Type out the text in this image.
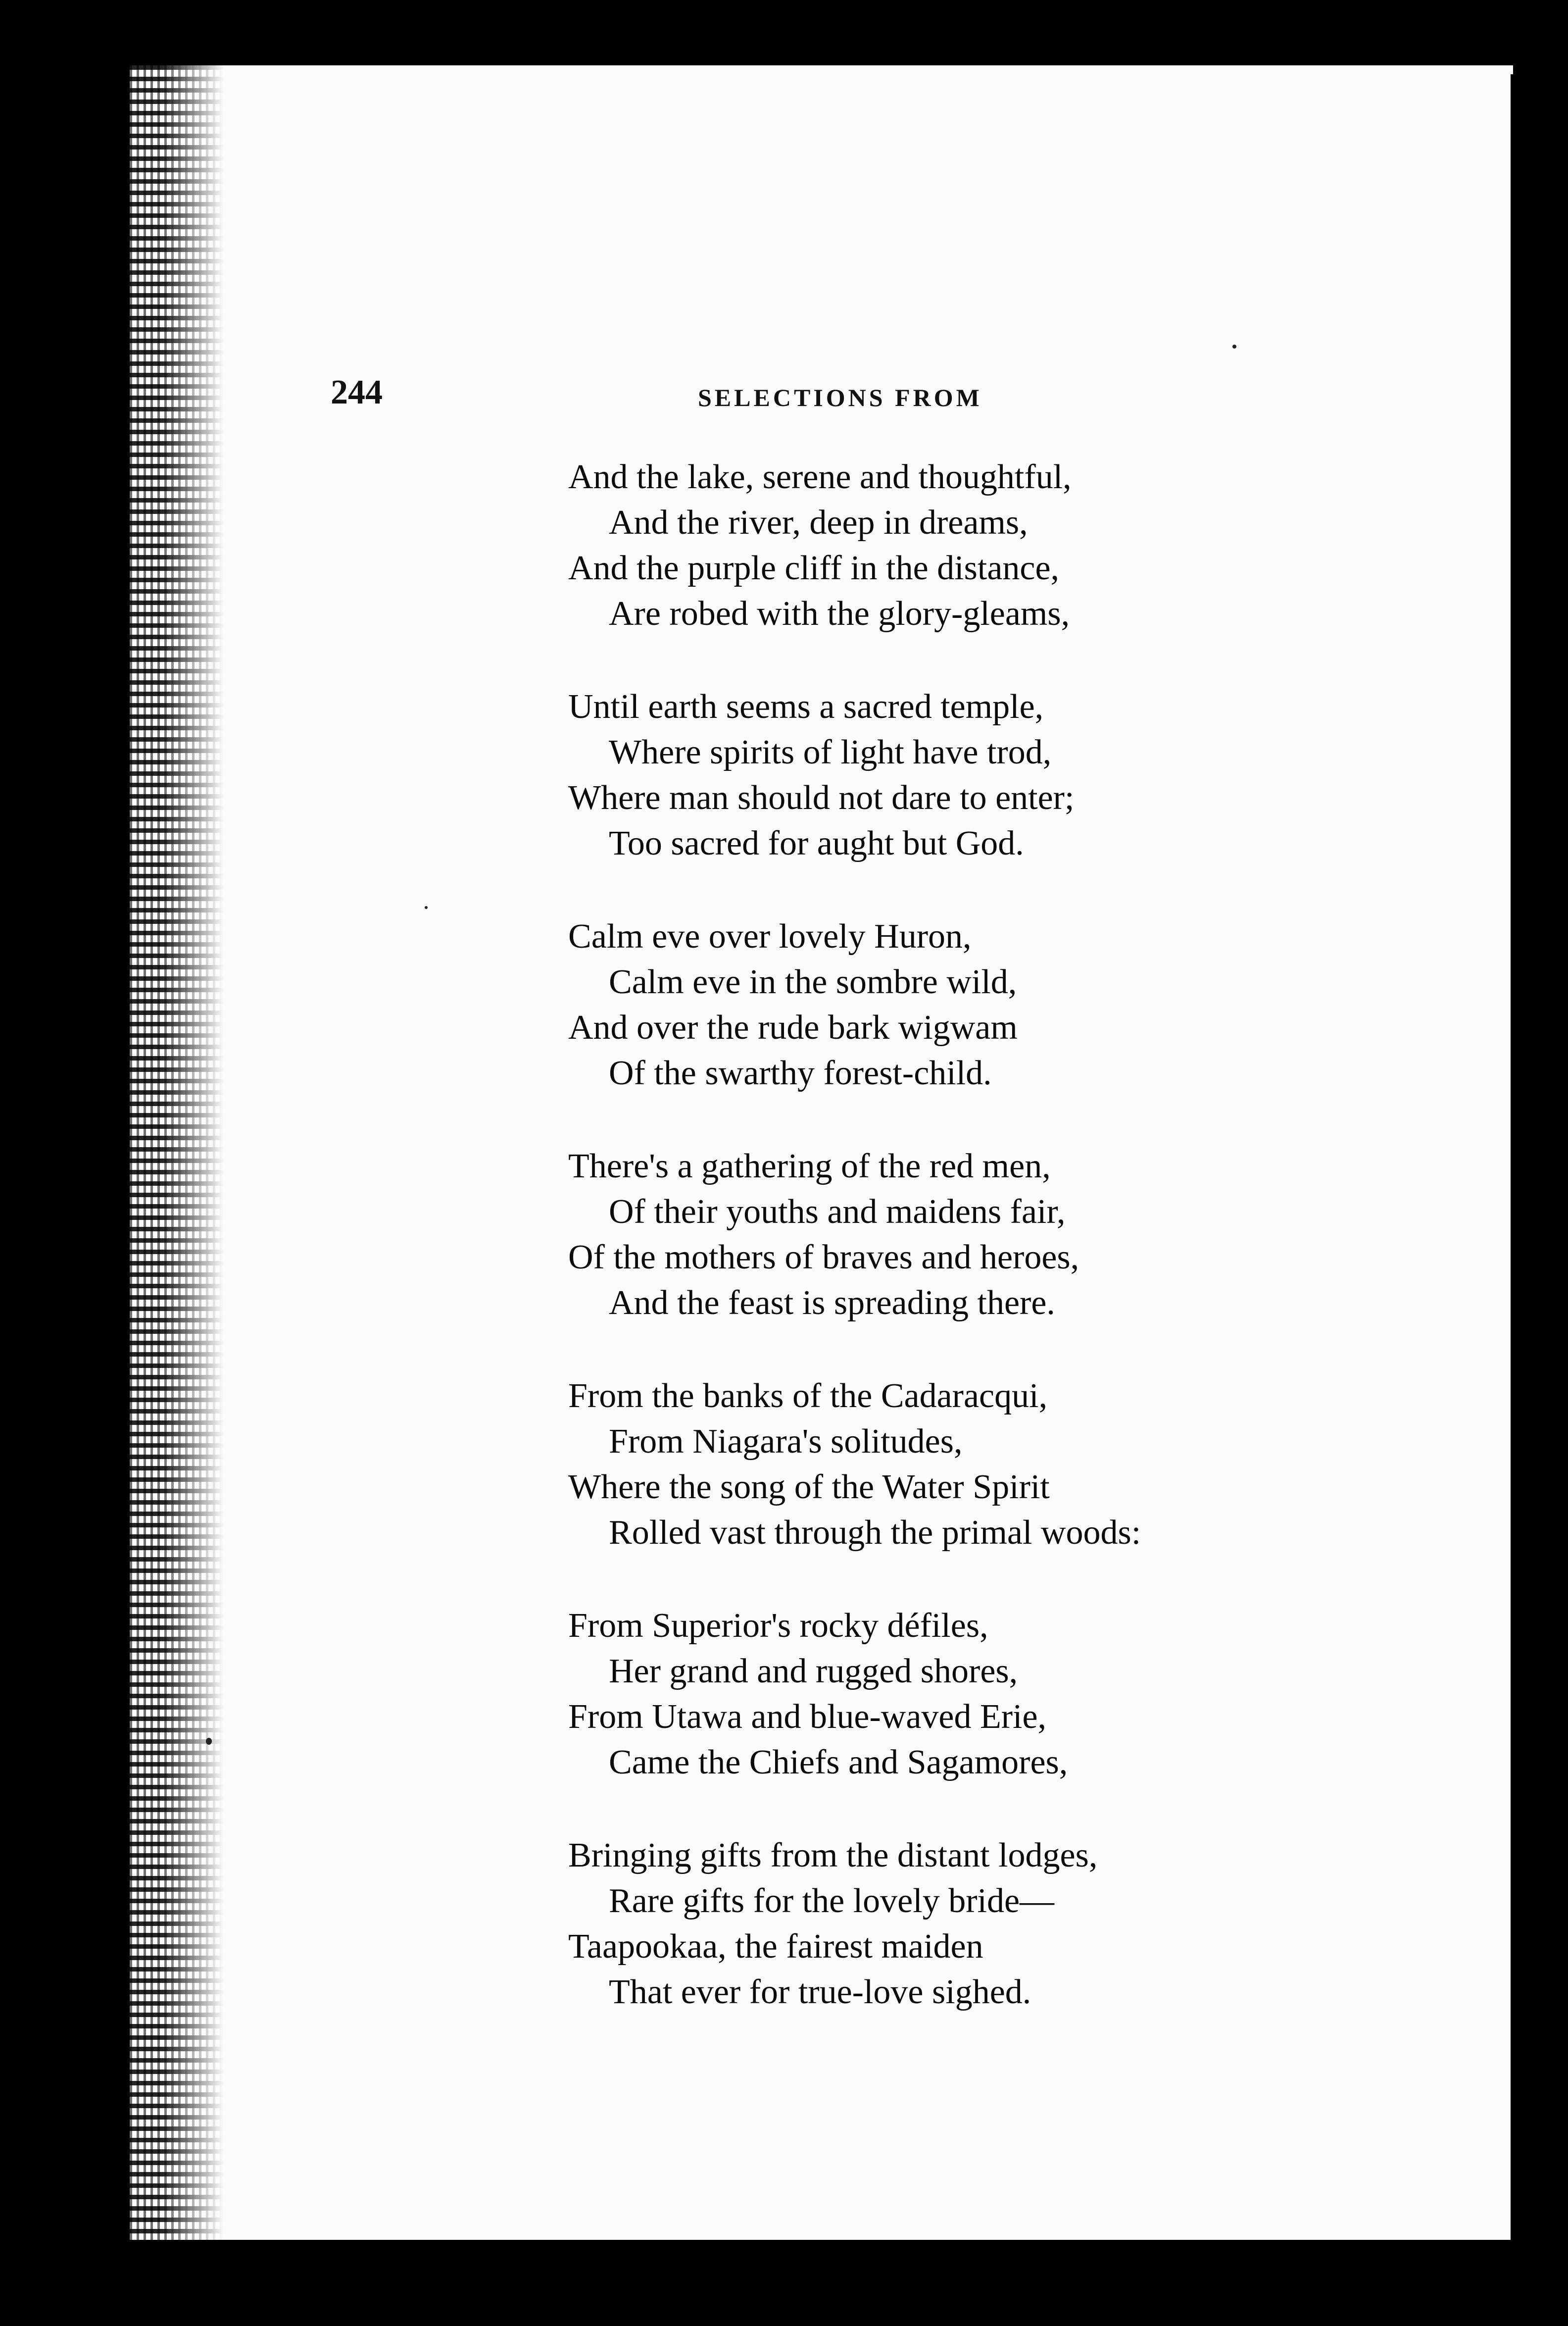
244	SELECTIONS FROM
And the lake, serene and thoughtful,
And the river, deep in dreams,
And the purple cliff in the distance,
Are robed with the glory-gleams,
Until earth seems a sacred temple,
Where spirits of light have trod,
Where man should not dare to enter;
Too sacred for aught but God.
Calm eve over lovely Huron,
Calm eve in the sombre wild,
And over the rude bark wigwam
Of the swarthy forest-child.
There's a gathering of the red men,
Of their youths and maidens fair,
Of the mothers of braves and heroes,
And the feast is spreading there.
From the banks of the Cadaracqui,
From Niagara's solitudes,
Where the song of the Water Spirit
Rolled vast through the primal woods:
From Superior's rocky défiles,
Her grand and rugged shores,
From Utawa and blue-waved Erie,
Came the Chiefs and Sagamores,
Bringing gifts from the distant lodges,
Rare gifts for the lovely bride—
Taapookaa, the fairest maiden
That ever for true-love sighed.
